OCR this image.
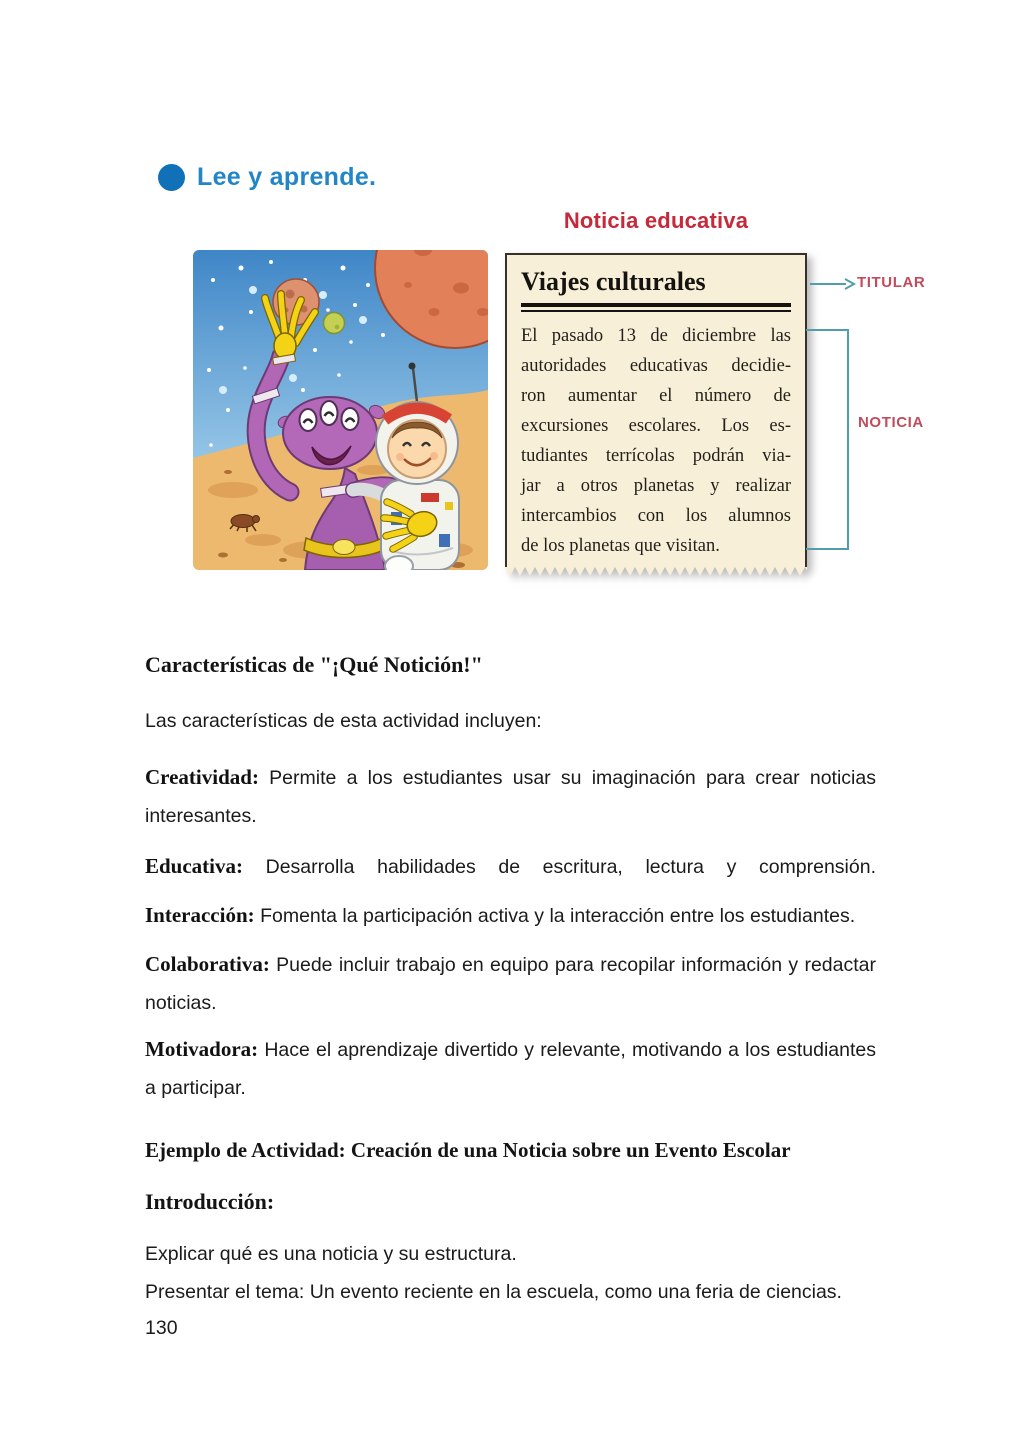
Lee y aprende.
Noticia educativa
Viajes culturales
El pasado 13 de diciembre las
autoridades educativas decidie-
ron aumentar el número de
excursiones escolares. Los es-
tudiantes terrícolas podrán via-
jar a otros planetas y realizar
intercambios con los alumnos
de los planetas que visitan.
TITULAR
NOTICIA
Características de "¡Qué Notición!"

Las características de esta actividad incluyen:

Creatividad: Permite a los estudiantes usar su imaginación para crear noticias interesantes.

Educativa: Desarrolla habilidades de escritura, lectura y comprensión.

Interacción: Fomenta la participación activa y la interacción entre los estudiantes.

Colaborativa: Puede incluir trabajo en equipo para recopilar información y redactar noticias.

Motivadora: Hace el aprendizaje divertido y relevante, motivando a los estudiantes a participar.

Ejemplo de Actividad: Creación de una Noticia sobre un Evento Escolar
Introducción:

Explicar qué es una noticia y su estructura.

Presentar el tema: Un evento reciente en la escuela, como una feria de ciencias.

130
